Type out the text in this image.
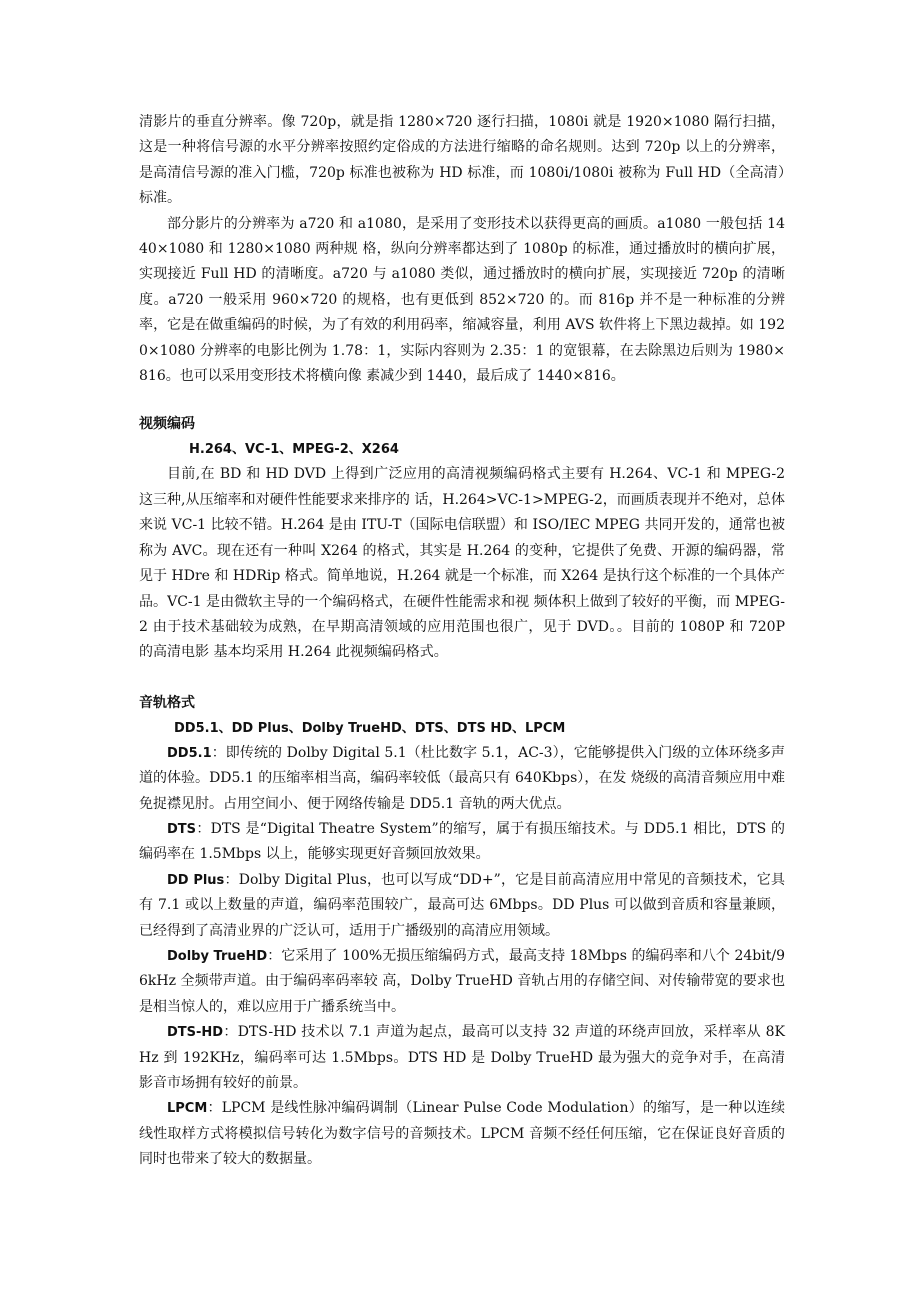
清影片的垂直分辨率。像 720p，就是指 1280×720 逐行扫描，1080i 就是 1920×1080 隔行扫描，这是一种将信号源的水平分辨率按照约定俗成的方法进行缩略的命名规则。达到 720p 以上的分辨率，是高清信号源的准入门槛，720p 标准也被称为 HD 标准，而 1080i/1080i 被称为 Full HD（全高清）标准。

部分影片的分辨率为 a720 和 a1080，是采用了变形技术以获得更高的画质。a1080 一般包括 1440×1080 和 1280×1080 两种规 格，纵向分辨率都达到了 1080p 的标准，通过播放时的横向扩展，实现接近 Full HD 的清晰度。a720 与 a1080 类似，通过播放时的横向扩展，实现接近 720p 的清晰度。a720 一般采用 960×720 的规格，也有更低到 852×720 的。而 816p 并不是一种标准的分辨率，它是在做重编码的时候，为了有效的利用码率，缩减容量，利用 AVS 软件将上下黑边裁掉。如 1920×1080 分辨率的电影比例为 1.78：1，实际内容则为 2.35：1 的宽银幕，在去除黑边后则为 1980×816。也可以采用变形技术将横向像 素减少到 1440，最后成了 1440×816。

视频编码

H.264、VC-1、MPEG-2、X264

目前,在 BD 和 HD DVD 上得到广泛应用的高清视频编码格式主要有 H.264、VC-1 和 MPEG-2 这三种,从压缩率和对硬件性能要求来排序的 话，H.264>VC-1>MPEG-2，而画质表现并不绝对，总体来说 VC-1 比较不错。H.264 是由 ITU-T（国际电信联盟）和 ISO/IEC MPEG 共同开发的，通常也被称为 AVC。现在还有一种叫 X264 的格式，其实是 H.264 的变种，它提供了免费、开源的编码器，常见于 HDre 和 HDRip 格式。简单地说，H.264 就是一个标准，而 X264 是执行这个标准的一个具体产品。VC-1 是由微软主导的一个编码格式，在硬件性能需求和视 频体积上做到了较好的平衡，而 MPEG-2 由于技术基础较为成熟，在早期高清领域的应用范围也很广，见于 DVD。。目前的 1080P 和 720P 的高清电影 基本均采用 H.264 此视频编码格式。

音轨格式

DD5.1、DD Plus、Dolby TrueHD、DTS、DTS HD、LPCM

DD5.1：即传统的 Dolby Digital 5.1（杜比数字 5.1，AC-3），它能够提供入门级的立体环绕多声道的体验。DD5.1 的压缩率相当高，编码率较低（最高只有 640Kbps），在发 烧级的高清音频应用中难免捉襟见肘。占用空间小、便于网络传输是 DD5.1 音轨的两大优点。

DTS：DTS 是“Digital Theatre System”的缩写，属于有损压缩技术。与 DD5.1 相比，DTS 的编码率在 1.5Mbps 以上，能够实现更好音频回放效果。

DD Plus：Dolby Digital Plus，也可以写成“DD+”，它是目前高清应用中常见的音频技术，它具有 7.1 或以上数量的声道，编码率范围较广，最高可达 6Mbps。DD Plus 可以做到音质和容量兼顾，已经得到了高清业界的广泛认可，适用于广播级别的高清应用领域。

Dolby TrueHD：它采用了 100%无损压缩编码方式，最高支持 18Mbps 的编码率和八个 24bit/96kHz 全频带声道。由于编码率码率较 高，Dolby TrueHD 音轨占用的存储空间、对传输带宽的要求也是相当惊人的，难以应用于广播系统当中。

DTS-HD：DTS-HD 技术以 7.1 声道为起点，最高可以支持 32 声道的环绕声回放，采样率从 8KHz 到 192KHz，编码率可达 1.5Mbps。DTS HD 是 Dolby TrueHD 最为强大的竞争对手，在高清影音市场拥有较好的前景。

LPCM：LPCM 是线性脉冲编码调制（Linear Pulse Code Modulation）的缩写，是一种以连续线性取样方式将模拟信号转化为数字信号的音频技术。LPCM 音频不经任何压缩，它在保证良好音质的同时也带来了较大的数据量。
